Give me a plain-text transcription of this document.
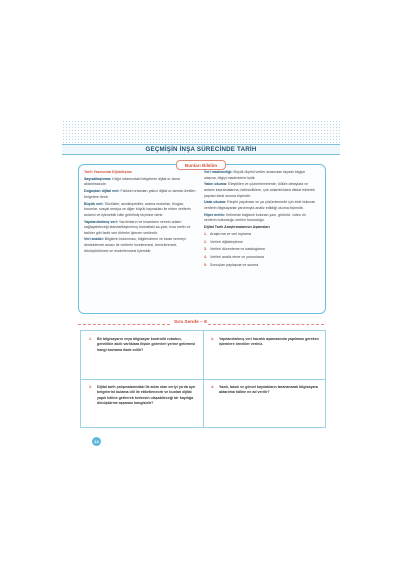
GEÇMİŞİN İNŞA SÜRECİNDE TARİH
Bunları Bilelim

Tarih Yazımında Dijitalleşme

Sayısallaştırma: Kâğıt ortamındaki belgelerin dijital or-tama aktarılmasıdır.

Doğuştan dijital veri: Fiziksel ortamları yalnız dijital or-tamda üretilen belgelere denir.

Büyük veri: Sözlükler, ansiklopediler, arama motorları, bloglar, forumlar, sosyal medya ve diğer büyük kaynakları ile elden verilerin anlamlı ve işlenebilir hâle getirilmiş biçimine denir.

Yapılandırılmış veri: Yazılımların ve insanların verinin anlam sağlayabileceği standartlaştırılmış formattaki sa-yılar, kısa metin ve tarihler gibi farklı veri türlerini işlenen verilerdir.

Veri analizi: Bilgilerin bulunması, bilgilendirme ve karar vermeyi desteklemek amacı ile verilerin incelenmesi, temizlenmesi, dönüştürülmesi ve modellenmesi işlemidir.

Veri madenciliği: Büyük ölçekli veriler arasından faydalı bilgiye ulaşma, bilgiyi madenleme işidir.

Yakın okuma: Eleştirilen ve çözümlemelerde, tüllüm detaylara ve anlamı kavramalarına, belirsizliklere, çok anlamlılıklara dikkat edilerek yapılan ideal okuma biçimidir.

Uzak okuma: Eleştirl yapılması ve ya çözümlemede için elde bulunan verilerin bilgisayarlar yardımıyla analiz edildiği okuma biçimidir.

Hiper metin: Kelimede bağlantı bulunan yazı, görüntü, video vb. verilerin bulunduğu verilen bulunduğu.

Dijital Tarih Araştırmalarının Aşamaları

1. Araştırma ve veri toplama
2. Verileri dijitalleştirme
3. Verileri düzenleme ve kataloglama
4. Verileri analiz etme ve yorumlama
5. Sonuçları paylaşma ve sunma
Sıra Sende – 8
1.	Bir bilgisayarın veya bilgisayar kontrollü robotun, genellikle akıllı varlıklara ilişkin görevleri yerine getirmesi hangi kavrama ifade edilir?
3.	Yapılandırılmış veri hazırlık aşamasında yapılması gereken işlemlere örnekler veriniz.
2.	Dijital tarih çalışmalarındaki ilk adım olan veriyi ya da ayrı belgelerini bulama dili ile etiketlenecek ve bunları dijital yapılı hâline getirerek herkesin ulaşabileceği bir kayıtığa dönüştürme aşaması hangisidir?
4.	Yazılı, basılı ve görsel kaynakların tarananarak bilgisayara aktarılma hâline ne ad verilir?
14
